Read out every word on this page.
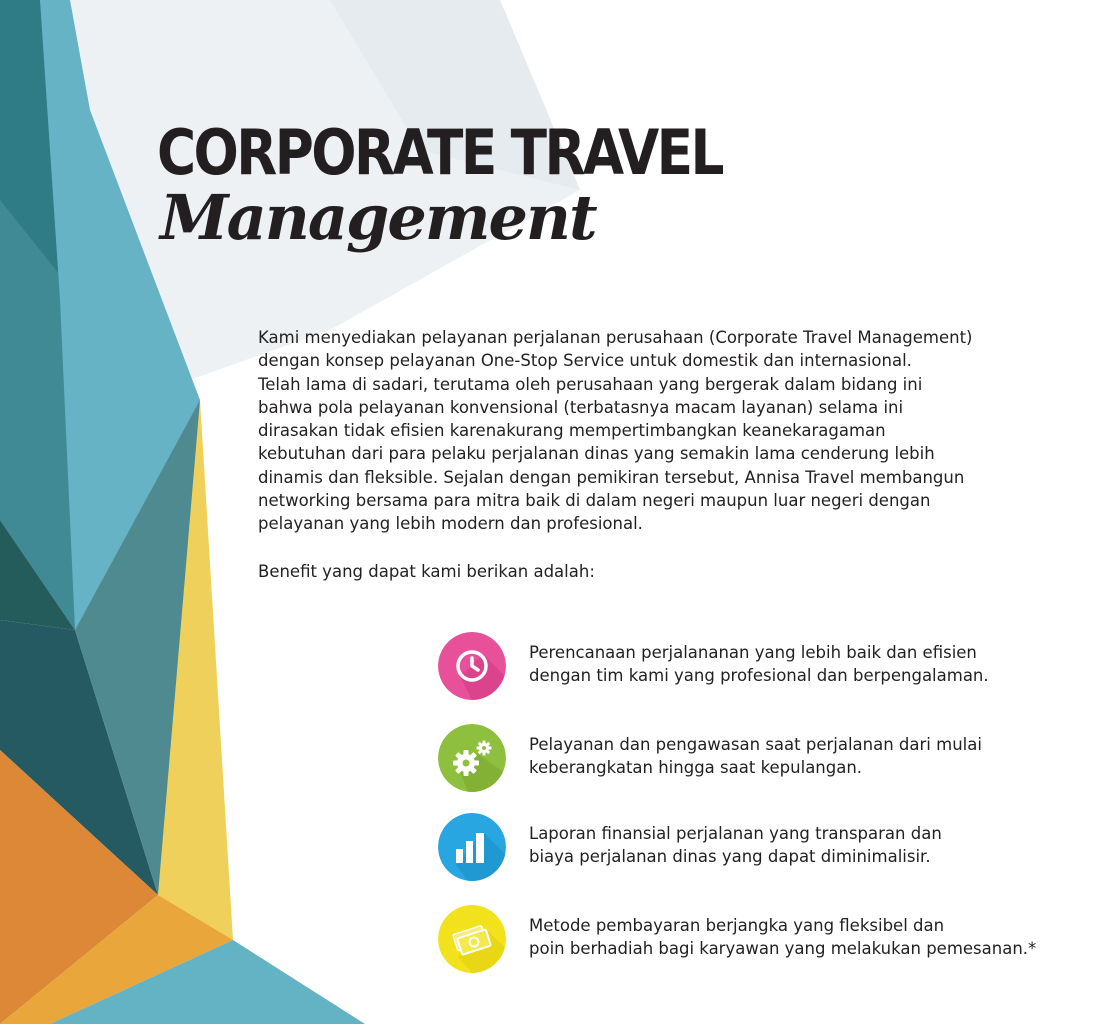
CORPORATE TRAVEL
Management
Kami menyediakan pelayanan perjalanan perusahaan (Corporate Travel Management)
dengan konsep pelayanan One-Stop Service untuk domestik dan internasional.
Telah lama di sadari, terutama oleh perusahaan yang bergerak dalam bidang ini
bahwa pola pelayanan konvensional (terbatasnya macam layanan) selama ini
dirasakan tidak efisien karenakurang mempertimbangkan keanekaragaman
kebutuhan dari para pelaku perjalanan dinas yang semakin lama cenderung lebih
dinamis dan fleksible. Sejalan dengan pemikiran tersebut, Annisa Travel membangun
networking bersama para mitra baik di dalam negeri maupun luar negeri dengan
pelayanan yang lebih modern dan profesional.
Benefit yang dapat kami berikan adalah:
Perencanaan perjalananan yang lebih baik dan efisien
dengan tim kami yang profesional dan berpengalaman.
Pelayanan dan pengawasan saat perjalanan dari mulai
keberangkatan hingga saat kepulangan.
Laporan finansial perjalanan yang transparan dan
biaya perjalanan dinas yang dapat diminimalisir.
Metode pembayaran berjangka yang fleksibel dan
poin berhadiah bagi karyawan yang melakukan pemesanan.*
